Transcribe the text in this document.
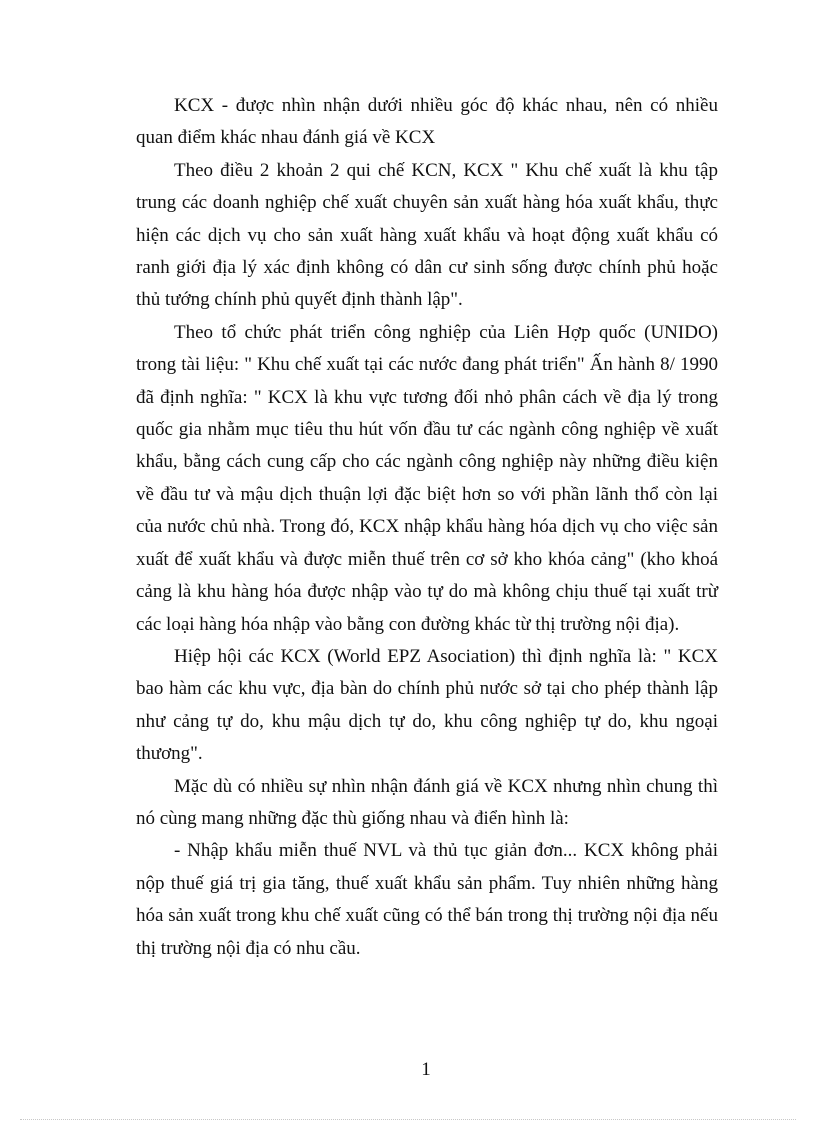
KCX - được nhìn nhận dưới nhiều góc độ khác nhau, nên có nhiều quan điểm khác nhau đánh giá về KCX

Theo điều 2 khoản 2 qui chế KCN, KCX " Khu chế xuất là khu tập trung các doanh nghiệp chế xuất chuyên sản xuất hàng hóa xuất khẩu, thực hiện các dịch vụ cho sản xuất hàng xuất khẩu và hoạt động xuất khẩu có ranh giới địa lý xác định không có dân cư sinh sống được chính phủ hoặc thủ tướng chính phủ quyết định thành lập".

Theo tổ chức phát triển công nghiệp của Liên Hợp quốc (UNIDO) trong tài liệu: " Khu chế xuất tại các nước đang phát triển" Ấn hành 8/ 1990 đã định nghĩa: " KCX là khu vực tương đối nhỏ phân cách về địa lý trong quốc gia nhằm mục tiêu thu hút vốn đầu tư các ngành công nghiệp về xuất khẩu, bằng cách cung cấp cho các ngành công nghiệp này những điều kiện về đầu tư và mậu dịch thuận lợi đặc biệt hơn so với phần lãnh thổ còn lại của nước chủ nhà. Trong đó, KCX nhập khẩu hàng hóa dịch vụ cho việc sản xuất để xuất khẩu và được miễn thuế trên cơ sở kho khóa cảng" (kho khoá cảng là khu hàng hóa được nhập vào tự do mà không chịu thuế tại xuất trừ các loại hàng hóa nhập vào bằng con đường khác từ thị trường nội địa).

Hiệp hội các KCX (World EPZ Asociation) thì định nghĩa là: " KCX bao hàm các khu vực, địa bàn do chính phủ nước sở tại cho phép thành lập như cảng tự do, khu mậu dịch tự do, khu công nghiệp tự do, khu ngoại thương".

Mặc dù có nhiều sự nhìn nhận đánh giá về KCX nhưng nhìn chung thì nó cùng mang những đặc thù giống nhau và điển hình là:

- Nhập khẩu miễn thuế NVL và thủ tục giản đơn... KCX không phải nộp thuế giá trị gia tăng, thuế xuất khẩu sản phẩm. Tuy nhiên những hàng hóa sản xuất trong khu chế xuất cũng có thể bán trong thị trường nội địa nếu thị trường nội địa có nhu cầu.

1
